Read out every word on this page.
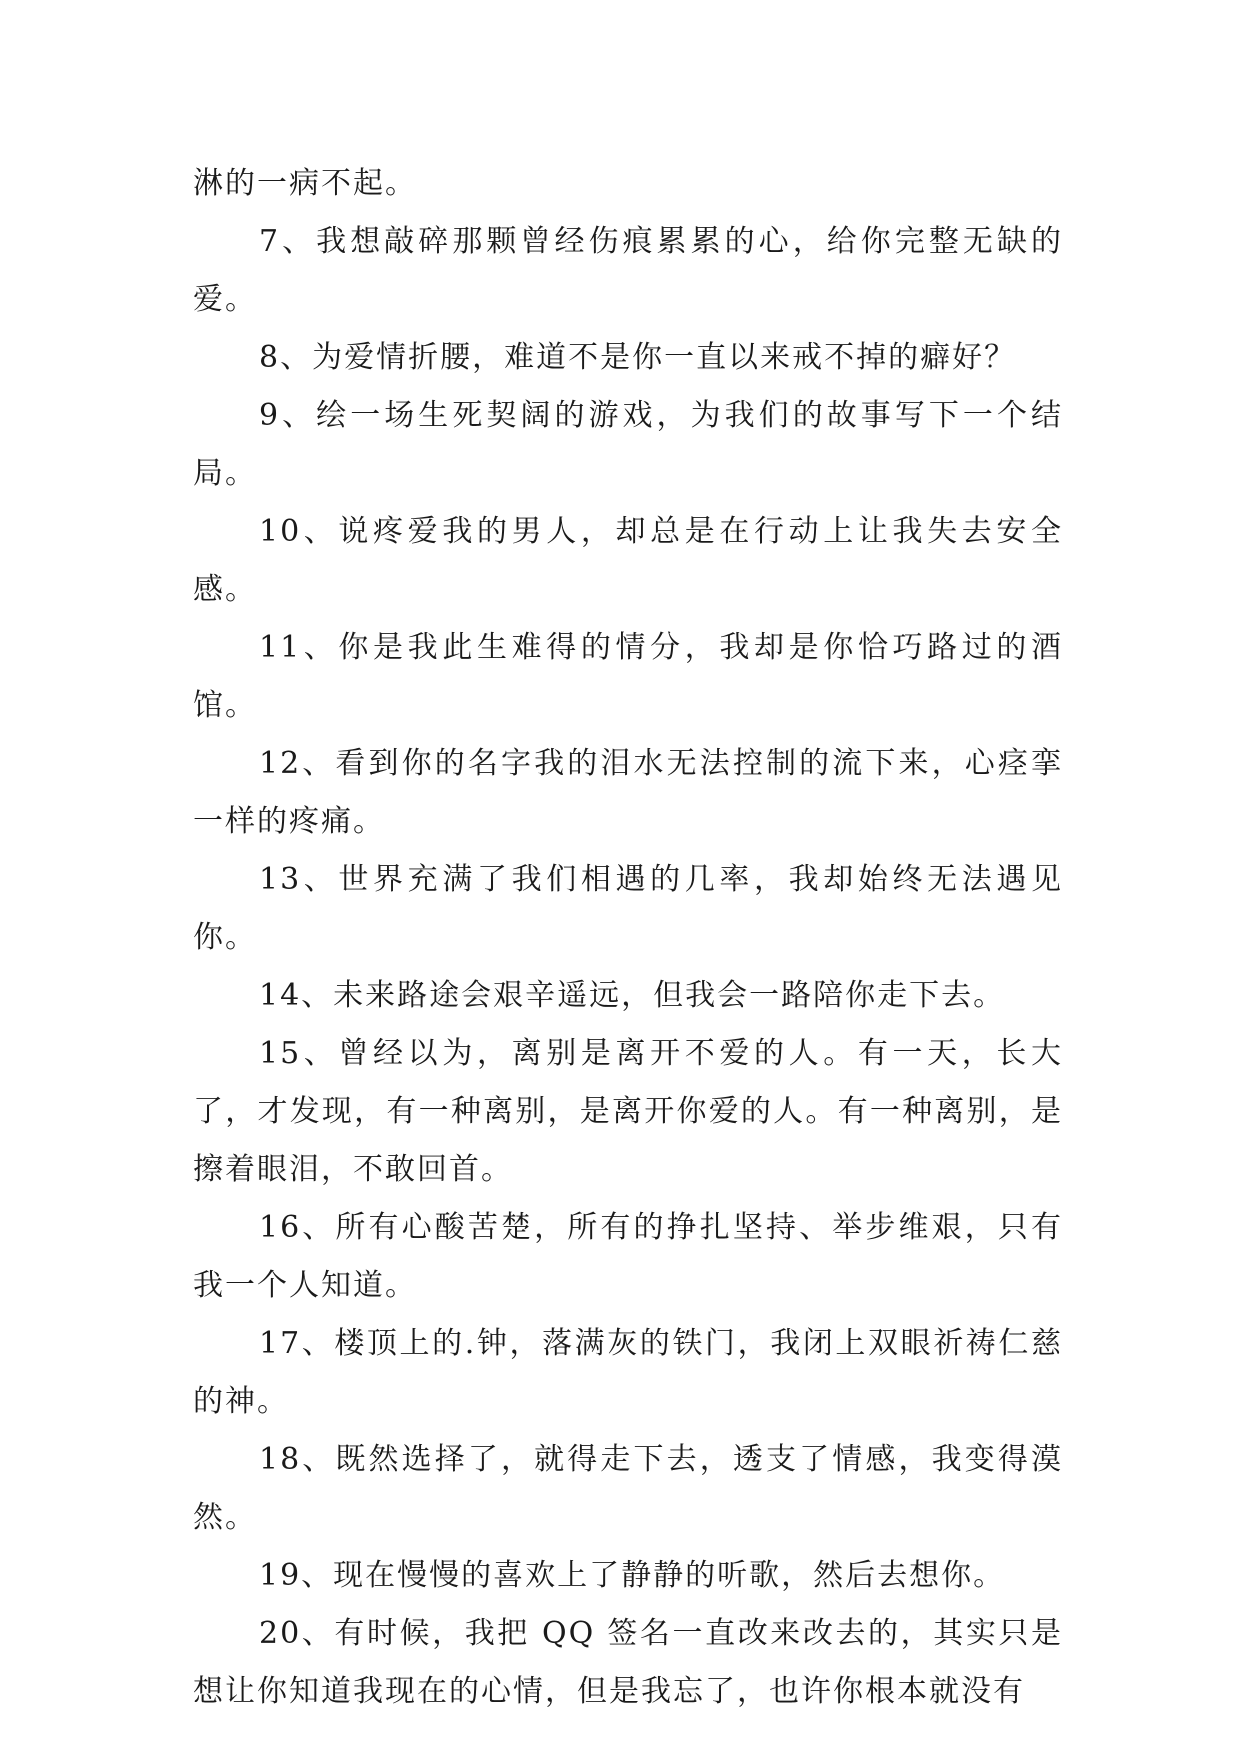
淋的一病不起。

7、我想敲碎那颗曾经伤痕累累的心，给你完整无缺的爱。

8、为爱情折腰，难道不是你一直以来戒不掉的癖好？

9、绘一场生死契阔的游戏，为我们的故事写下一个结局。

10、说疼爱我的男人，却总是在行动上让我失去安全感。

11、你是我此生难得的情分，我却是你恰巧路过的酒馆。

12、看到你的名字我的泪水无法控制的流下来，心痉挛一样的疼痛。

13、世界充满了我们相遇的几率，我却始终无法遇见你。

14、未来路途会艰辛遥远，但我会一路陪你走下去。

15、曾经以为，离别是离开不爱的人。有一天，长大了，才发现，有一种离别，是离开你爱的人。有一种离别，是擦着眼泪，不敢回首。

16、所有心酸苦楚，所有的挣扎坚持、举步维艰，只有我一个人知道。

17、楼顶上的.钟，落满灰的铁门，我闭上双眼祈祷仁慈的神。

18、既然选择了，就得走下去，透支了情感，我变得漠然。

19、现在慢慢的喜欢上了静静的听歌，然后去想你。

20、有时候，我把 QQ 签名一直改来改去的，其实只是想让你知道我现在的心情，但是我忘了，也许你根本就没有
